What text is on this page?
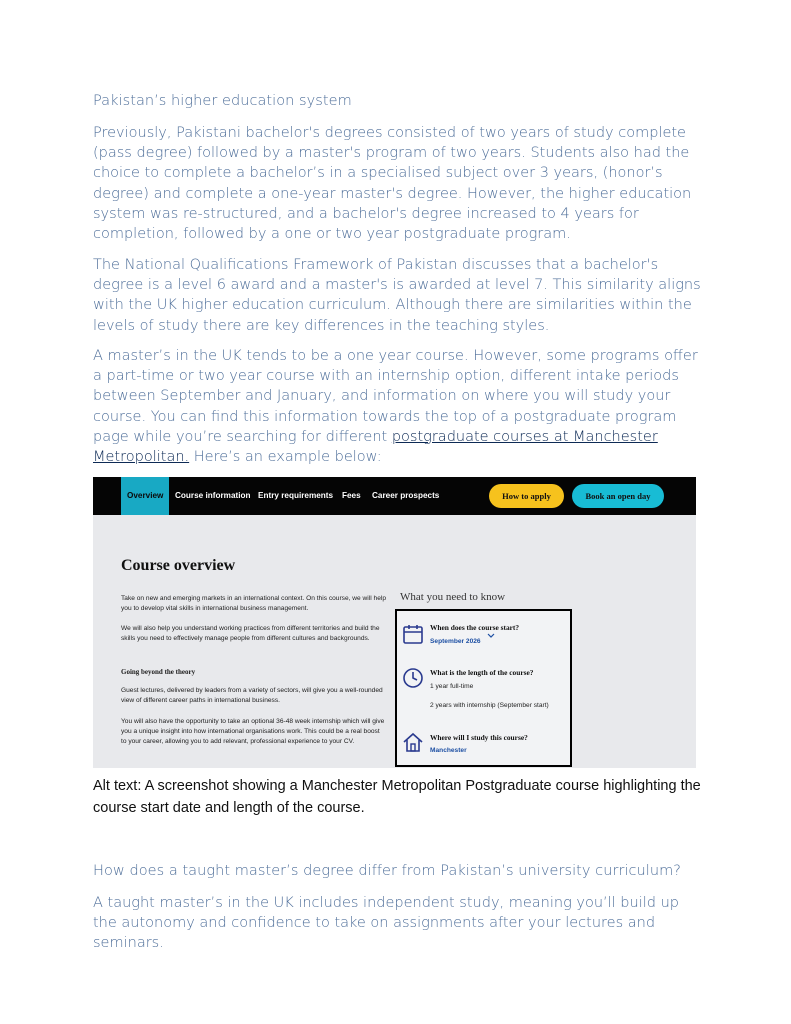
Pakistan’s higher education system
Previously, Pakistani bachelor's degrees consisted of two years of study complete (pass degree) followed by a master's program of two years. Students also had the choice to complete a bachelor’s in a specialised subject over 3 years, (honor’s degree) and complete a one-year master's degree. However, the higher education system was re-structured, and a bachelor's degree increased to 4 years for completion, followed by a one or two year postgraduate program.
The National Qualifications Framework of Pakistan discusses that a bachelor's degree is a level 6 award and a master's is awarded at level 7. This similarity aligns with the UK higher education curriculum. Although there are similarities within the levels of study there are key differences in the teaching styles.
A master’s in the UK tends to be a one year course. However, some programs offer a part-time or two year course with an internship option, different intake periods between September and January, and information on where you will study your course. You can find this information towards the top of a postgraduate program page while you’re searching for different postgraduate courses at Manchester Metropolitan. Here’s an example below:
Overview	Course information Entry requirements Fees Career prospects	How to apply	Book an open day
Course overview
Take on new and emerging markets in an international context. On this course, we will help you to develop vital skills in international business management.
We will also help you understand working practices from different territories and build the skills you need to effectively manage people from different cultures and backgrounds.
Going beyond the theory
Guest lectures, delivered by leaders from a variety of sectors, will give you a well-rounded view of different career paths in international business.
You will also have the opportunity to take an optional 36-48 week internship which will give you a unique insight into how international organisations work. This could be a real boost to your career, allowing you to add relevant, professional experience to your CV.
What you need to know
When does the course start?
September 2026
What is the length of the course?
1 year full-time
2 years with internship (September start)
Where will I study this course?
Manchester
Alt text: A screenshot showing a Manchester Metropolitan Postgraduate course highlighting the course start date and length of the course.
How does a taught master’s degree differ from Pakistan’s university curriculum?
A taught master’s in the UK includes independent study, meaning you’ll build up the autonomy and confidence to take on assignments after your lectures and seminars.
